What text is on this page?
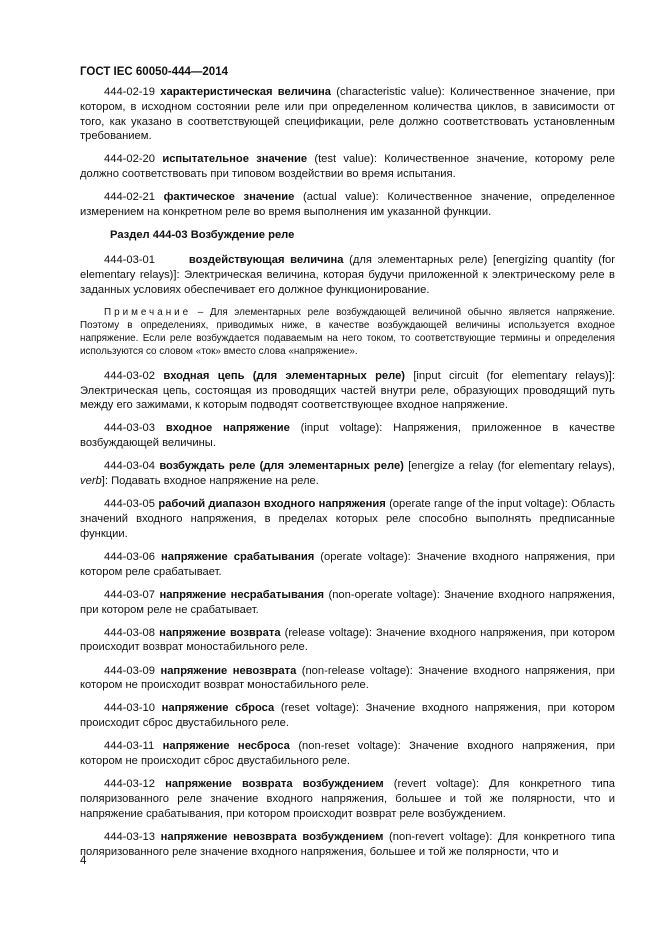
ГОСТ IEC 60050-444—2014

444-02-19 характеристическая величина (characteristic value): Количественное значение, при котором, в исходном состоянии реле или при определенном количества циклов, в зависимости от того, как указано в соответствующей спецификации, реле должно соответствовать установленным требованием.

444-02-20 испытательное значение (test value): Количественное значение, которому реле должно соответствовать при типовом воздействии во время испытания.

444-02-21 фактическое значение (actual value): Количественное значение, определенное измерением на конкретном реле во время выполнения им указанной функции.

Раздел 444-03 Возбуждение реле

444-03-01	воздействующая величина (для элементарных реле) [energizing quantity (for elementary relays)]: Электрическая величина, которая будучи приложенной к электрическому реле в заданных условиях обеспечивает его должное функционирование.

Примечание – Для элементарных реле возбуждающей величиной обычно является напряжение. Поэтому в определениях, приводимых ниже, в качестве возбуждающей величины используется входное напряжение. Если реле возбуждается подаваемым на него током, то соответствующие термины и определения используются со словом «ток» вместо слова «напряжение».

444-03-02 входная цепь (для элементарных реле) [input circuit (for elementary relays)]: Электрическая цепь, состоящая из проводящих частей внутри реле, образующих проводящий путь между его зажимами, к которым подводят соответствующее входное напряжение.

444-03-03 входное напряжение (input voltage): Напряжения, приложенное в качестве возбуждающей величины.

444-03-04 возбуждать реле (для элементарных реле) [energize a relay (for elementary relays), verb]: Подавать входное напряжение на реле.

444-03-05 рабочий диапазон входного напряжения (operate range of the input voltage): Область значений входного напряжения, в пределах которых реле способно выполнять предписанные функции.

444-03-06 напряжение срабатывания (operate voltage): Значение входного напряжения, при котором реле срабатывает.

444-03-07 напряжение несрабатывания (non-operate voltage): Значение входного напряжения, при котором реле не срабатывает.

444-03-08 напряжение возврата (release voltage): Значение входного напряжения, при котором происходит возврат моностабильного реле.

444-03-09 напряжение невозврата (non-release voltage): Значение входного напряжения, при котором не происходит возврат моностабильного реле.

444-03-10 напряжение сброса (reset voltage): Значение входного напряжения, при котором происходит сброс двустабильного реле.

444-03-11 напряжение несброса (non-reset voltage): Значение входного напряжения, при котором не происходит сброс двустабильного реле.

444-03-12 напряжение возврата возбуждением (revert voltage): Для конкретного типа поляризованного реле значение входного напряжения, большее и той же полярности, что и напряжение срабатывания, при котором происходит возврат реле возбуждением.

444-03-13 напряжение невозврата возбуждением (non-revert voltage): Для конкретного типа поляризованного реле значение входного напряжения, большее и той же полярности, что и

4
